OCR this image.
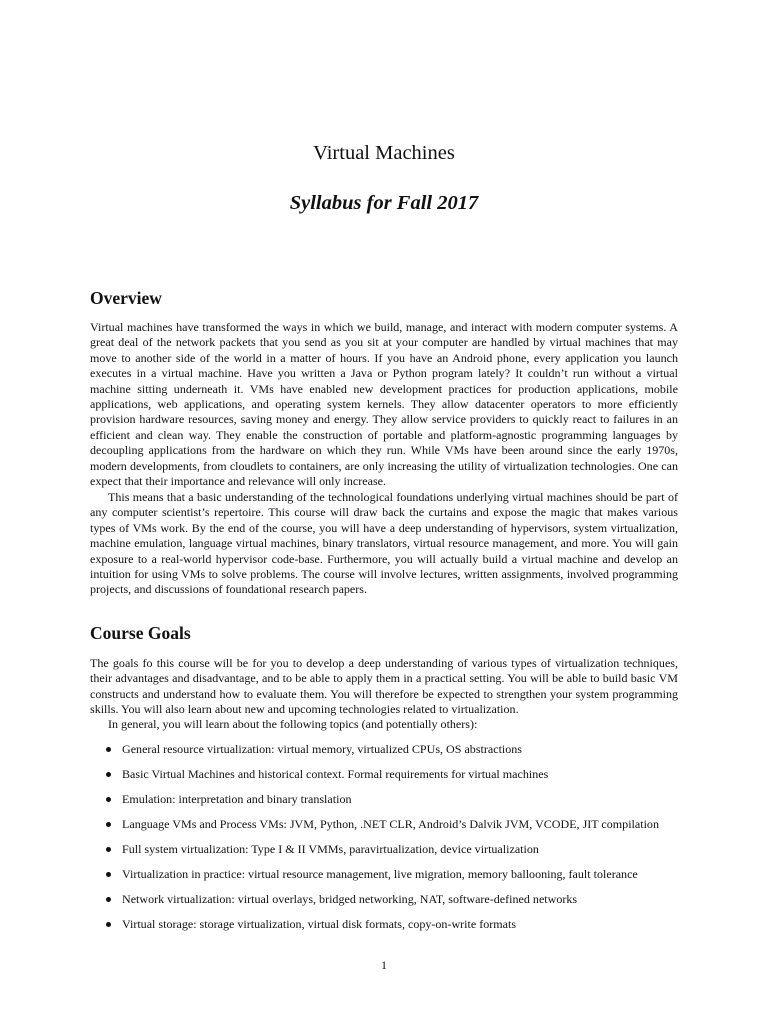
Virtual Machines
Syllabus for Fall 2017
Overview

Virtual machines have transformed the ways in which we build, manage, and interact with modern computer systems. A great deal of the network packets that you send as you sit at your computer are handled by virtual machines that may move to another side of the world in a matter of hours. If you have an Android phone, every application you launch executes in a virtual machine. Have you written a Java or Python program lately? It couldn’t run without a virtual machine sitting underneath it. VMs have enabled new development practices for production applications, mobile applications, web applications, and operating system kernels. They allow datacenter operators to more efficiently provision hardware resources, saving money and energy. They allow service providers to quickly react to failures in an efficient and clean way. They enable the construction of portable and platform-agnostic programming languages by decoupling applications from the hardware on which they run. While VMs have been around since the early 1970s, modern developments, from cloudlets to containers, are only increasing the utility of virtualization technologies. One can expect that their importance and relevance will only increase.

This means that a basic understanding of the technological foundations underlying virtual machines should be part of any computer scientist’s repertoire. This course will draw back the curtains and expose the magic that makes various types of VMs work. By the end of the course, you will have a deep understanding of hypervisors, system virtualization, machine emulation, language virtual machines, binary translators, virtual resource management, and more. You will gain exposure to a real-world hypervisor code-base. Furthermore, you will actually build a virtual machine and develop an intuition for using VMs to solve problems. The course will involve lectures, written assignments, involved programming projects, and discussions of foundational research papers.

Course Goals

The goals fo this course will be for you to develop a deep understanding of various types of virtualization techniques, their advantages and disadvantage, and to be able to apply them in a practical setting. You will be able to build basic VM constructs and understand how to evaluate them. You will therefore be expected to strengthen your system programming skills. You will also learn about new and upcoming technologies related to virtualization.

In general, you will learn about the following topics (and potentially others):

General resource virtualization: virtual memory, virtualized CPUs, OS abstractions
Basic Virtual Machines and historical context. Formal requirements for virtual machines
Emulation: interpretation and binary translation
Language VMs and Process VMs: JVM, Python, .NET CLR, Android’s Dalvik JVM, VCODE, JIT compilation
Full system virtualization: Type I & II VMMs, paravirtualization, device virtualization
Virtualization in practice: virtual resource management, live migration, memory ballooning, fault tolerance
Network virtualization: virtual overlays, bridged networking, NAT, software-defined networks
Virtual storage: storage virtualization, virtual disk formats, copy-on-write formats

1
